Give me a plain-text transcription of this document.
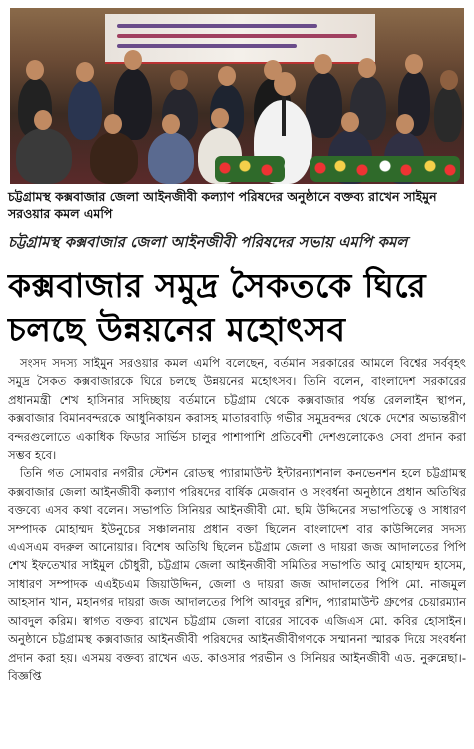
চট্টগ্রামস্থ কক্সবাজার জেলা আইনজীবী কল্যাণ পরিষদের অনুষ্ঠানে বক্তব্য রাখেন সাইমুন সরওয়ার কমল এমপি
চট্টগ্রামস্থ কক্সবাজার জেলা আইনজীবী পরিষদের সভায় এমপি কমল
কক্সবাজার সমুদ্র সৈকতকে ঘিরে
চলছে উন্নয়নের মহোৎসব

সংসদ সদস্য সাইমুন সরওয়ার কমল এমপি বলেছেন, বর্তমান সরকারের আমলে বিশ্বের সর্ববৃহৎ সমুদ্র সৈকত কক্সবাজারকে ঘিরে চলছে উন্নয়নের মহোৎসব। তিনি বলেন, বাংলাদেশ সরকারের প্রধানমন্ত্রী শেখ হাসিনার সদিচ্ছায় বর্তমানে চট্টগ্রাম থেকে কক্সবাজার পর্যন্ত রেললাইন স্থাপন, কক্সবাজার বিমানবন্দরকে আধুনিকায়ন করাসহ মাতারবাড়ি গভীর সমুদ্রবন্দর থেকে দেশের অভ্যন্তরীণ বন্দরগুলোতে একাধিক ফিডার সার্ভিস চালুর পাশাপাশি প্রতিবেশী দেশগুলোকেও সেবা প্রদান করা সম্ভব হবে।

তিনি গত সোমবার নগরীর স্টেশন রোডস্থ প্যারামাউন্ট ইন্টারন্যাশনাল কনভেনশন হলে চট্টগ্রামস্থ কক্সবাজার জেলা আইনজীবী কল্যাণ পরিষদের বার্ষিক মেজবান ও সংবর্ধনা অনুষ্ঠানে প্রধান অতিথির বক্তব্যে এসব কথা বলেন। সভাপতি সিনিয়র আইনজীবী মো. ছমি উদ্দিনের সভাপতিত্বে ও সাধারণ সম্পাদক মোহাম্মদ ইউনুচের সঞ্চালনায় প্রধান বক্তা ছিলেন বাংলাদেশ বার কাউন্সিলের সদস্য এএসএম বদরুল আনোয়ার। বিশেষ অতিথি ছিলেন চট্টগ্রাম জেলা ও দায়রা জজ আদালতের পিপি শেখ ইফতেখার সাইমুল চৌধুরী, চট্টগ্রাম জেলা আইনজীবী সমিতির সভাপতি আবু মোহাম্মদ হাসেম, সাধারণ সম্পাদক এএইচএম জিয়াউদ্দিন, জেলা ও দায়রা জজ আদালতের পিপি মো. নাজমুল আহসান খান, মহানগর দায়রা জজ আদালতের পিপি আবদুর রশিদ, প্যারামাউন্ট গ্রুপের চেয়ারম্যান আবদুল করিম। স্বাগত বক্তব্য রাখেন চট্টগ্রাম জেলা বারের সাবেক এজিএস মো. কবির হোসাইন। অনুষ্ঠানে চট্টগ্রামস্থ কক্সবাজার আইনজীবী পরিষদের আইনজীবীগণকে সম্মাননা স্মারক দিয়ে সংবর্ধনা প্রদান করা হয়। এসময় বক্তব্য রাখেন এড. কাওসার পরভীন ও সিনিয়র আইনজীবী এড. নুরুন্নেছা।-বিজ্ঞপ্তি
